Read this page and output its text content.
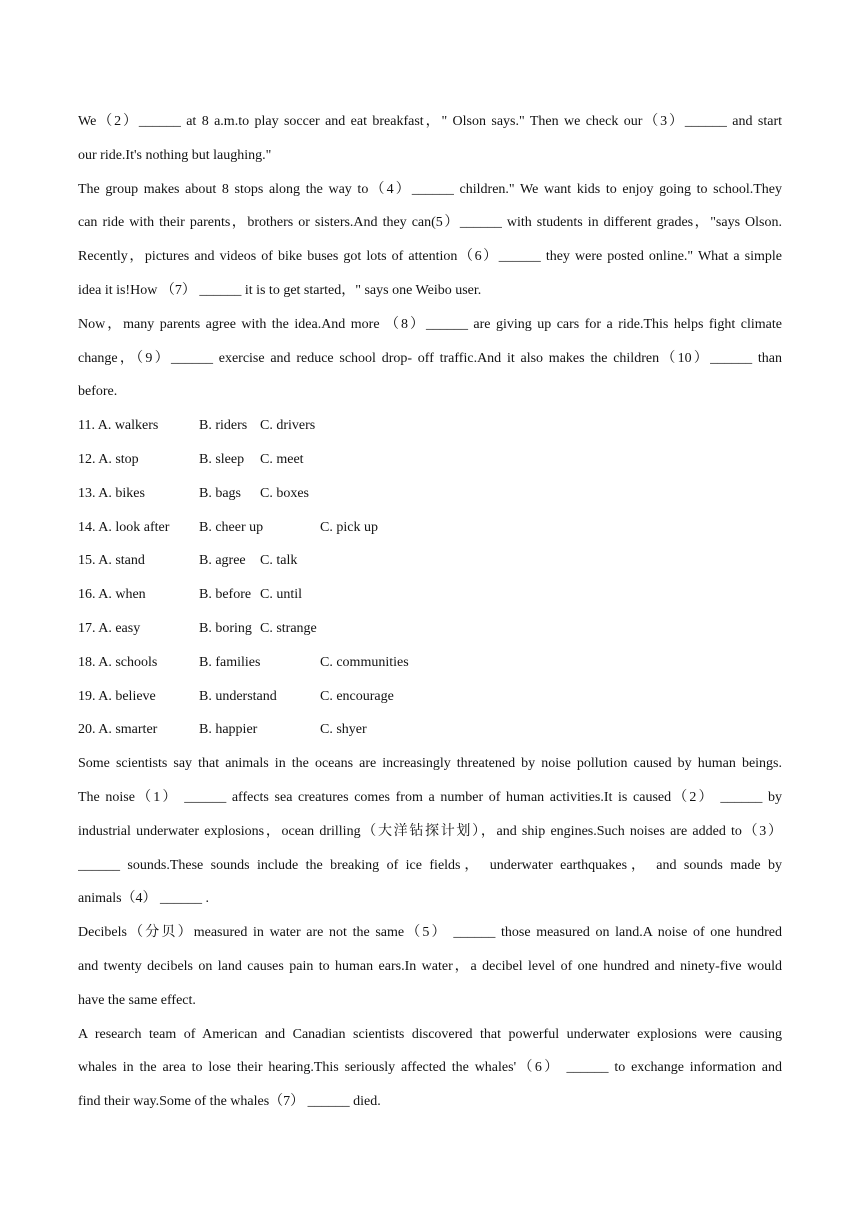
We（2）______ at 8 a.m.to play soccer and eat breakfast，" Olson says." Then we check our（3）______ and start
our ride.It's nothing but laughing."
The group makes about 8 stops along the way to（4）______ children." We want kids to enjoy going to school.They
can ride with their parents，brothers or sisters.And they can(5）______ with students in different grades，"says Olson.
Recently，pictures and videos of bike buses got lots of attention（6）______ they were posted online." What a simple
idea it is!How （7） ______ it is to get started，" says one Weibo user.
Now，many parents agree with the idea.And more （8）______ are giving up cars for a ride.This helps fight climate
change，（9）______ exercise and reduce school drop- off traffic.And it also makes the children（10）______ than
before.
11. A. walkers	B. riders C. drivers
12. A. stop	B. sleep C. meet
13. A. bikes	B. bags C. boxes
14. A. look after B. cheer up	C. pick up
15. A. stand	B. agree C. talk
16. A. when	B. before C. until
17. A. easy	B. boring C. strange
18. A. schools	B. families	C. communities
19. A. believe	B. understand	C. encourage
20. A. smarter	B. happier	C. shyer
Some scientists say that animals in the oceans are increasingly threatened by noise pollution caused by human beings.
The noise（1） ______ affects sea creatures comes from a number of human activities.It is caused（2） ______ by
industrial underwater explosions，ocean drilling（大洋钻探计划），and ship engines.Such noises are added to（3）
______ sounds.These sounds include the breaking of ice fields， underwater earthquakes， and sounds made by
animals（4） ______ .
Decibels（分贝）measured in water are not the same（5） ______ those measured on land.A noise of one hundred
and twenty decibels on land causes pain to human ears.In water，a decibel level of one hundred and ninety-five would
have the same effect.
A research team of American and Canadian scientists discovered that powerful underwater explosions were causing
whales in the area to lose their hearing.This seriously affected the whales'（6） ______ to exchange information and
find their way.Some of the whales（7） ______ died.
